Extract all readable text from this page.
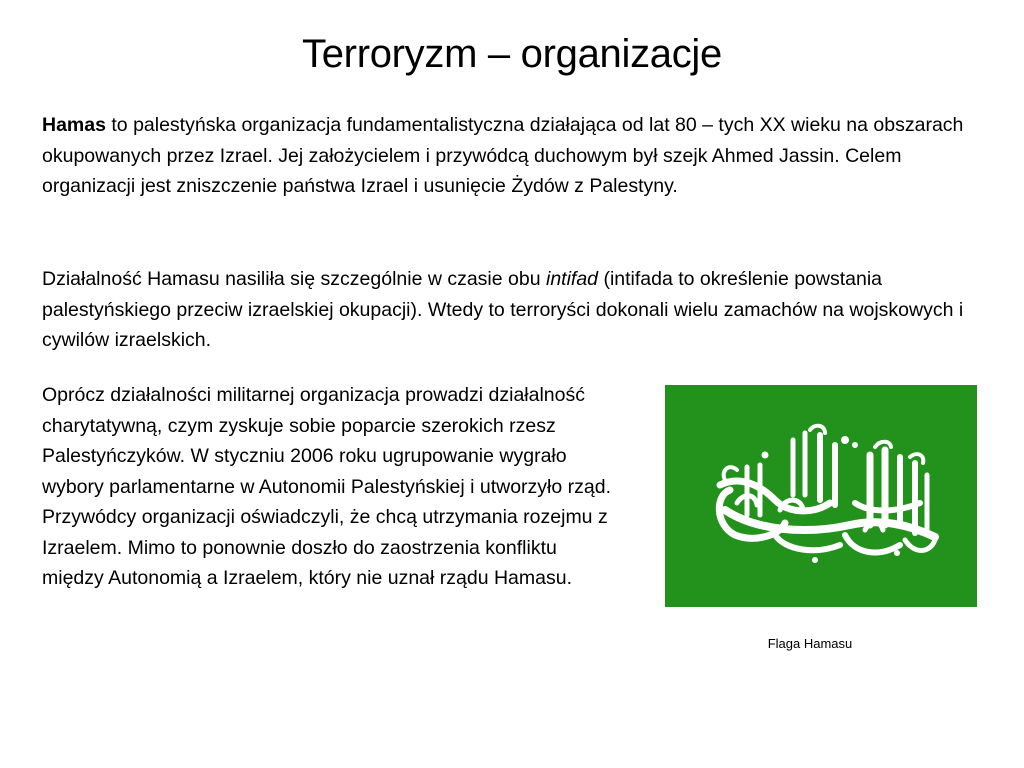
Terroryzm – organizacje

Hamas to palestyńska organizacja fundamentalistyczna działająca od lat 80 – tych XX wieku na obszarach okupowanych przez Izrael. Jej założycielem i przywódcą duchowym był szejk Ahmed Jassin. Celem organizacji jest zniszczenie państwa Izrael i usunięcie Żydów z Palestyny.

Działalność Hamasu nasiliła się szczególnie w czasie obu intifad (intifada to określenie powstania palestyńskiego przeciw izraelskiej okupacji). Wtedy to terroryści dokonali wielu zamachów na wojskowych i cywilów izraelskich.

Oprócz działalności militarnej organizacja prowadzi działalność charytatywną, czym zyskuje sobie poparcie szerokich rzesz Palestyńczyków. W styczniu 2006 roku ugrupowanie wygrało wybory parlamentarne w Autonomii Palestyńskiej i utworzyło rząd. Przywódcy organizacji oświadczyli, że chcą utrzymania rozejmu z Izraelem. Mimo to ponownie doszło do zaostrzenia konfliktu między Autonomią a Izraelem, który nie uznał rządu Hamasu.

Flaga Hamasu
